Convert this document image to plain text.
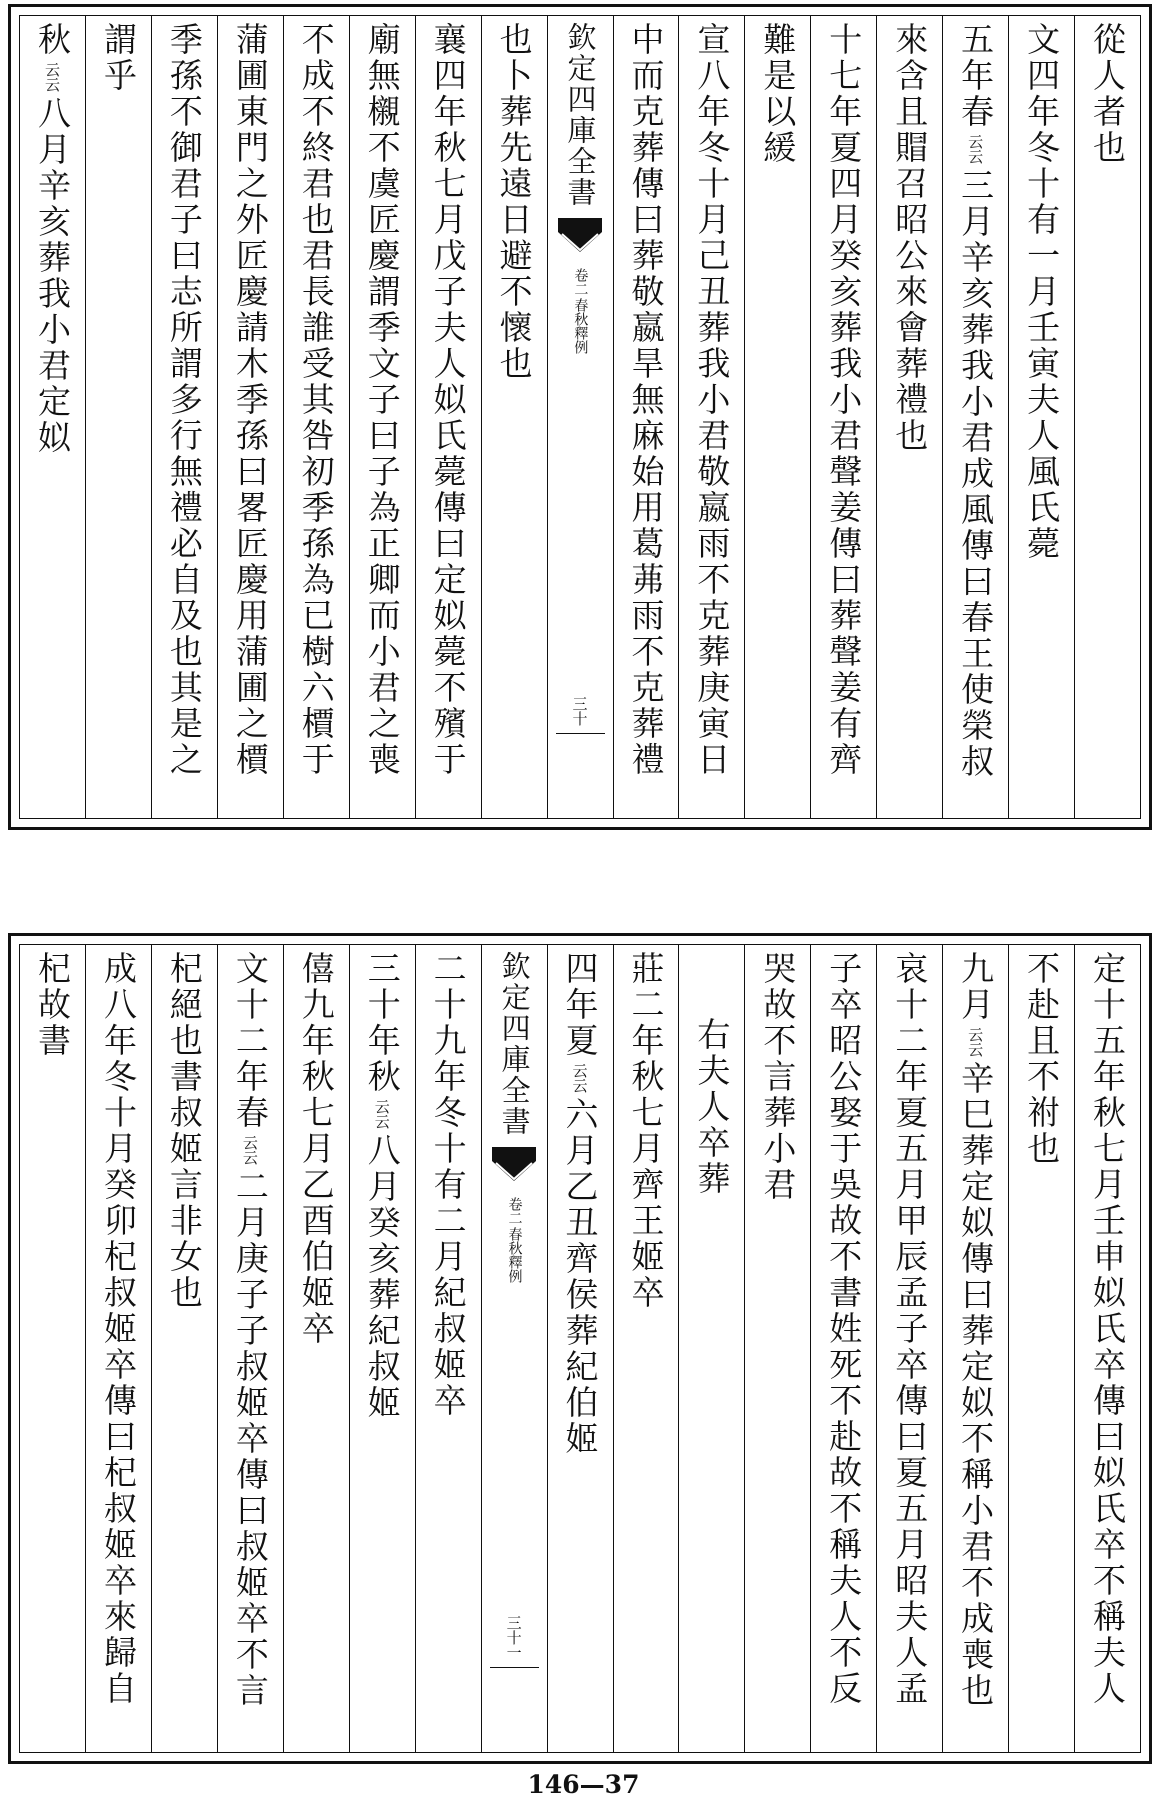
從人者也
文四年冬十有一月壬寅夫人風氏薨
五年春云云三月辛亥葬我小君成風傳曰春王使榮叔
來含且賵召昭公來會葬禮也
十七年夏四月癸亥葬我小君聲姜傳曰葬聲姜有齊
難是以緩
宣八年冬十月己丑葬我小君敬嬴雨不克葬庚寅日
中而克葬傳曰葬敬嬴旱無麻始用葛茀雨不克葬禮
欽定四庫全書
春秋釋例
卷二
三十
也卜葬先遠日避不懷也
襄四年秋七月戊子夫人姒氏薨傳曰定姒薨不殯于
廟無櫬不虞匠慶謂季文子曰子為正卿而小君之喪
不成不終君也君長誰受其咎初季孫為已樹六檟于
蒲圃東門之外匠慶請木季孫曰畧匠慶用蒲圃之檟
季孫不御君子曰志所謂多行無禮必自及也其是之
謂乎
秋云云八月辛亥葬我小君定姒
定十五年秋七月壬申姒氏卒傳曰姒氏卒不稱夫人
不赴且不祔也
九月云云辛巳葬定姒傳曰葬定姒不稱小君不成喪也
哀十二年夏五月甲辰孟子卒傳曰夏五月昭夫人孟
子卒昭公娶于吳故不書姓死不赴故不稱夫人不反
哭故不言葬小君
右夫人卒葬
莊二年秋七月齊王姬卒
四年夏云云六月乙丑齊侯葬紀伯姬
欽定四庫全書
春秋釋例
卷二
三十一
二十九年冬十有二月紀叔姬卒
三十年秋云云八月癸亥葬紀叔姬
僖九年秋七月乙酉伯姬卒
文十二年春云云二月庚子子叔姬卒傳曰叔姬卒不言
杞絕也書叔姬言非女也
成八年冬十月癸卯杞叔姬卒傳曰杞叔姬卒來歸自
杞故書
146—37
